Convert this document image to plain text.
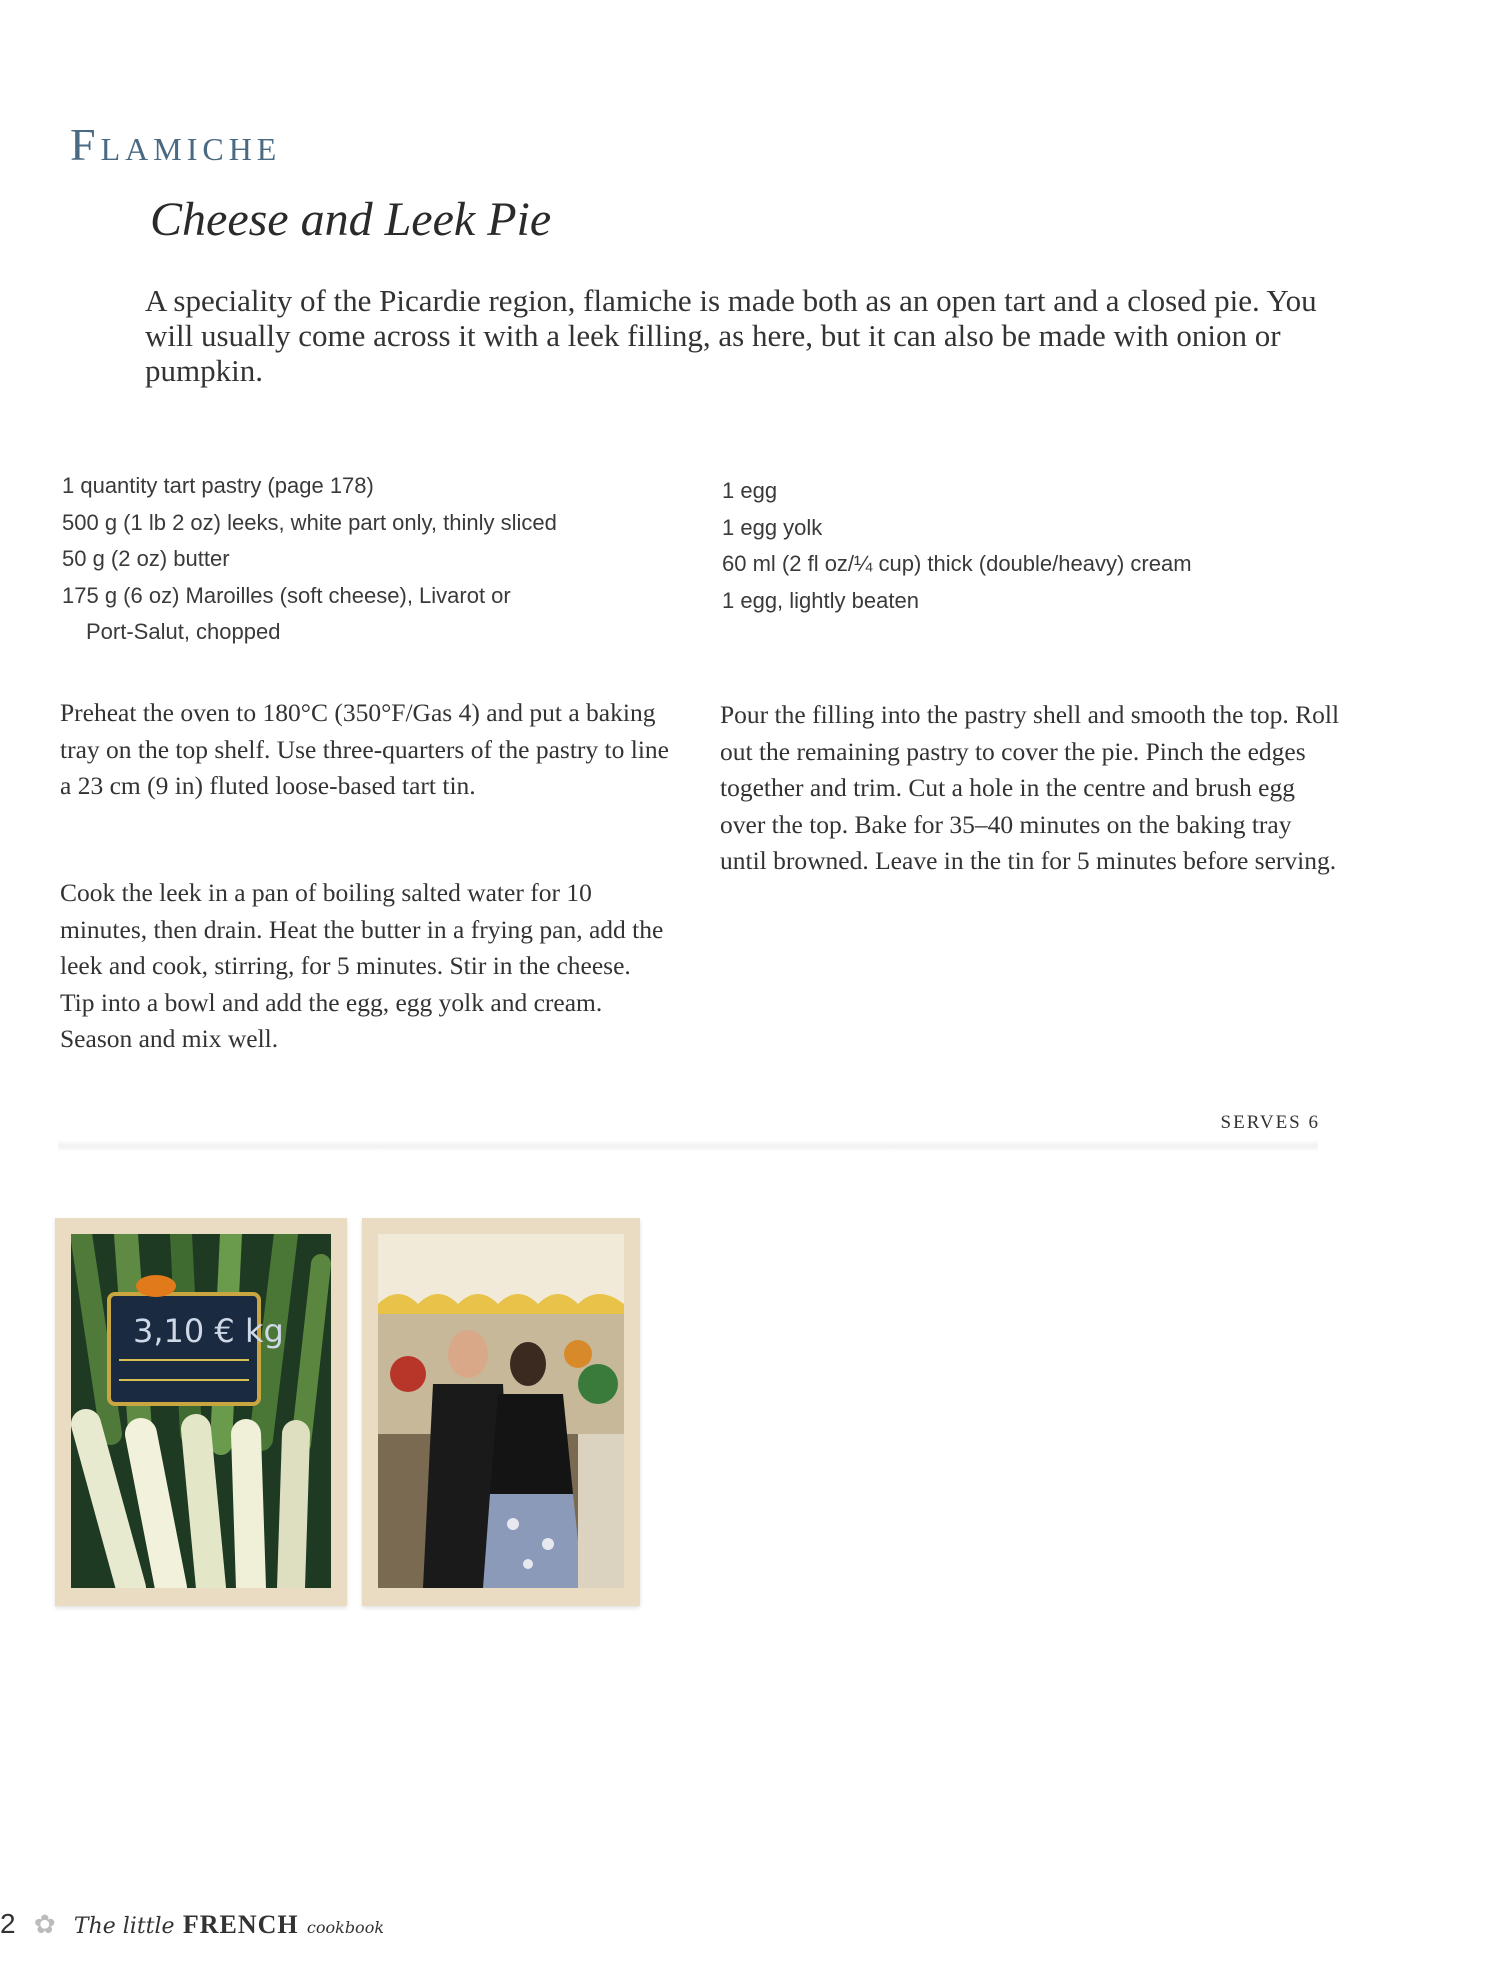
Flamiche
Cheese and Leek Pie

A speciality of the Picardie region, flamiche is made both as an open tart and a closed pie. You will usually come across it with a leek filling, as here, but it can also be made with onion or pumpkin.

1 quantity tart pastry (page 178)
500 g (1 lb 2 oz) leeks, white part only, thinly sliced
50 g (2 oz) butter
175 g (6 oz) Maroilles (soft cheese), Livarot or
Port-Salut, chopped
1 egg
1 egg yolk
60 ml (2 fl oz/¼ cup) thick (double/heavy) cream
1 egg, lightly beaten

Preheat the oven to 180°C (350°F/Gas 4) and put a baking tray on the top shelf. Use three-quarters of the pastry to line a 23 cm (9 in) fluted loose-based tart tin.

Cook the leek in a pan of boiling salted water for 10 minutes, then drain. Heat the butter in a frying pan, add the leek and cook, stirring, for 5 minutes. Stir in the cheese. Tip into a bowl and add the egg, egg yolk and cream. Season and mix well.

Pour the filling into the pastry shell and smooth the top. Roll out the remaining pastry to cover the pie. Pinch the edges together and trim. Cut a hole in the centre and brush egg over the top. Bake for 35–40 minutes on the baking tray until browned. Leave in the tin for 5 minutes before serving.

SERVES 6
3,10 € kg
2 ✿ The little FRENCH cookbook
